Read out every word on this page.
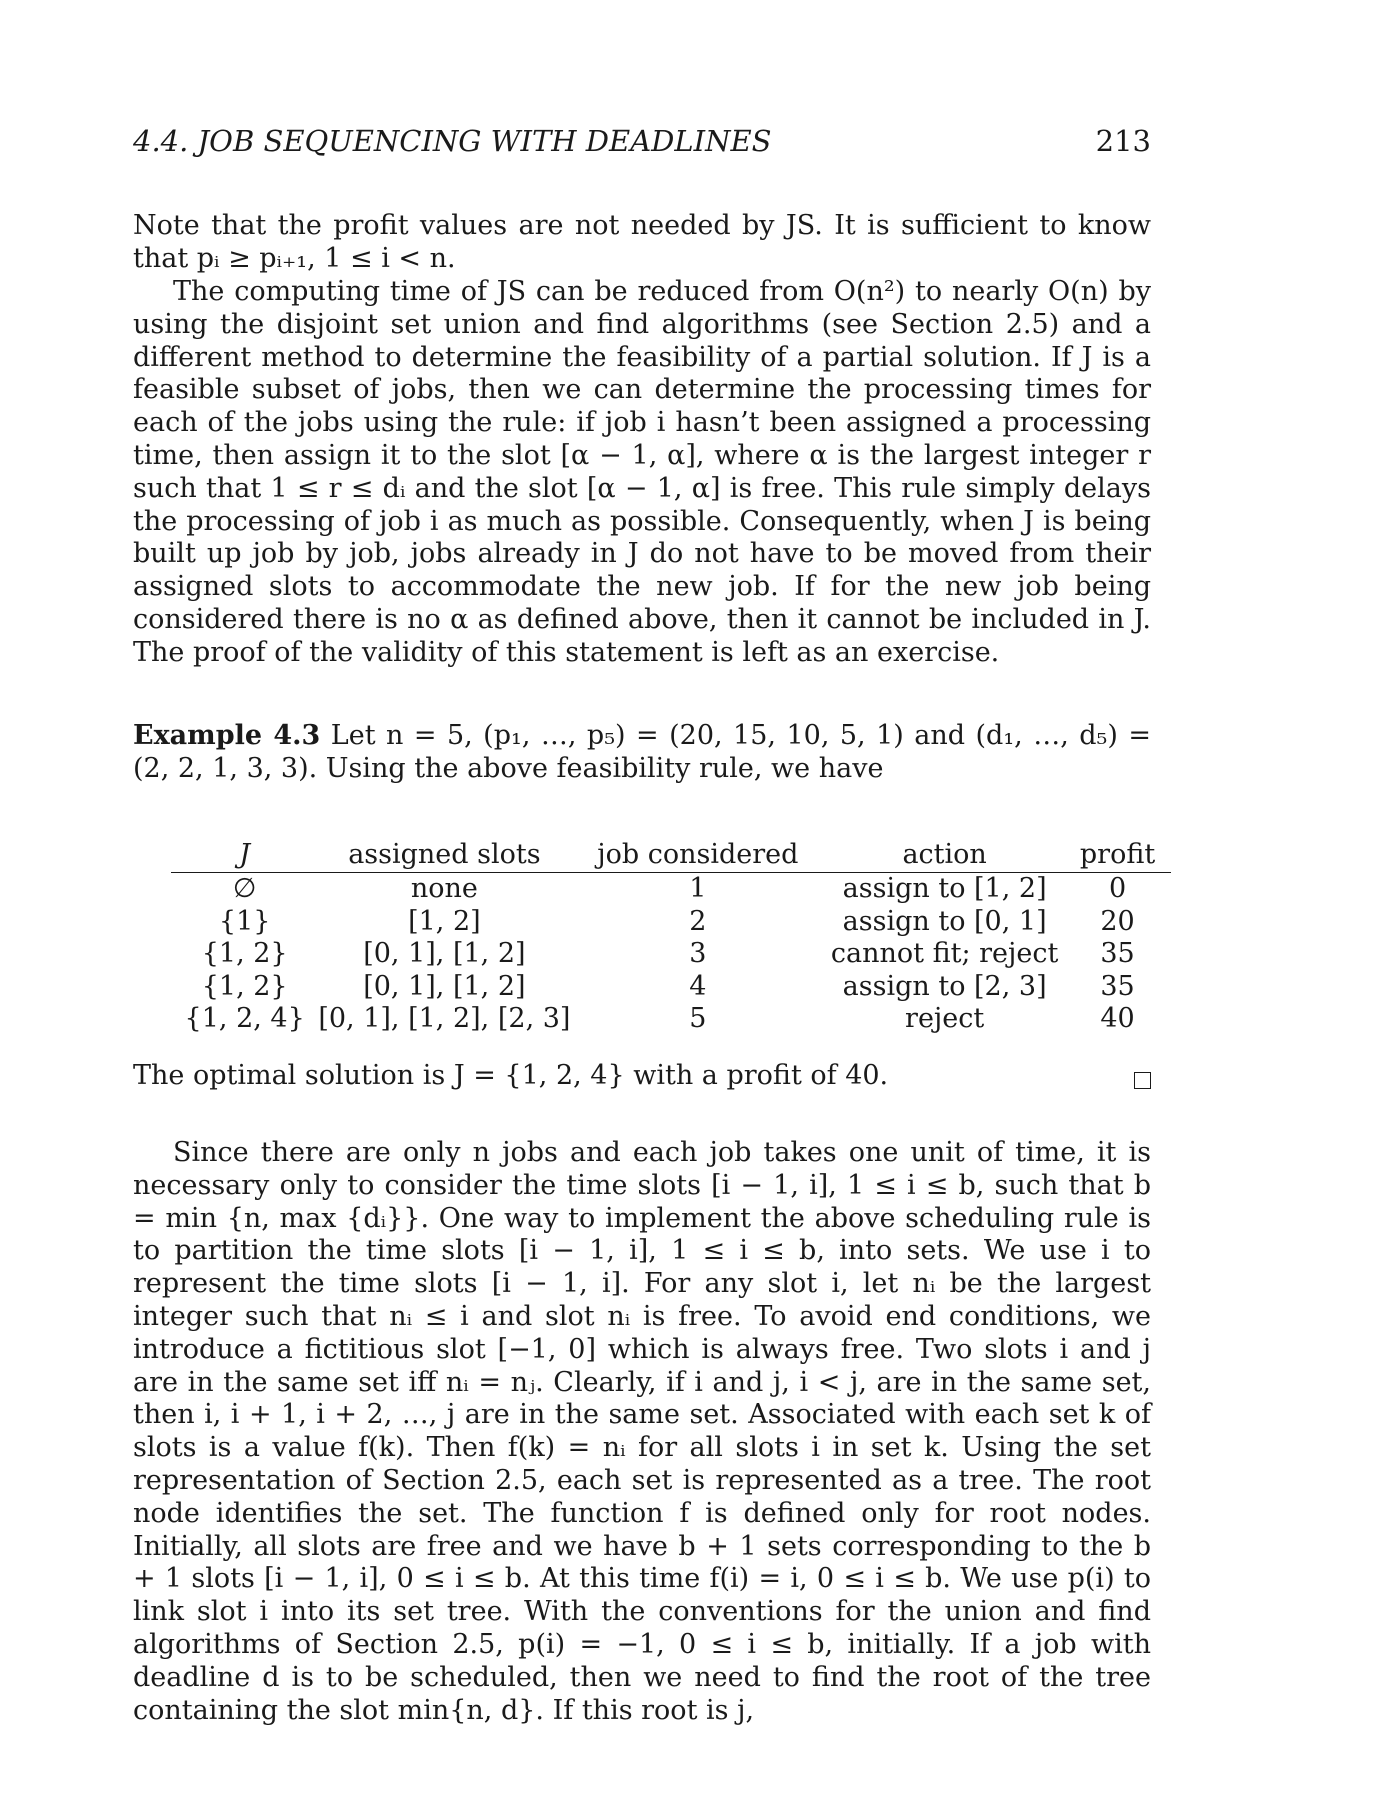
4.4. JOB SEQUENCING WITH DEADLINES	213

Note that the profit values are not needed by JS. It is sufficient to know that pᵢ ≥ pᵢ₊₁, 1 ≤ i < n.

The computing time of JS can be reduced from O(n²) to nearly O(n) by using the disjoint set union and find algorithms (see Section 2.5) and a different method to determine the feasibility of a partial solution. If J is a feasible subset of jobs, then we can determine the processing times for each of the jobs using the rule: if job i hasn’t been assigned a processing time, then assign it to the slot [α − 1, α], where α is the largest integer r such that 1 ≤ r ≤ dᵢ and the slot [α − 1, α] is free. This rule simply delays the processing of job i as much as possible. Consequently, when J is being built up job by job, jobs already in J do not have to be moved from their assigned slots to accommodate the new job. If for the new job being considered there is no α as defined above, then it cannot be included in J. The proof of the validity of this statement is left as an exercise.

Example 4.3 Let n = 5, (p₁, …, p₅) = (20, 15, 10, 5, 1) and (d₁, …, d₅) = (2, 2, 1, 3, 3). Using the above feasibility rule, we have

J	assigned slots	job considered	action	profit
∅	none	1	assign to [1, 2]	0
{1}	[1, 2]	2	assign to [0, 1]	20
{1, 2}	[0, 1], [1, 2]	3	cannot fit; reject	35
{1, 2}	[0, 1], [1, 2]	4	assign to [2, 3]	35
{1, 2, 4}	[0, 1], [1, 2], [2, 3]	5	reject	40

The optimal solution is J = {1, 2, 4} with a profit of 40.

Since there are only n jobs and each job takes one unit of time, it is necessary only to consider the time slots [i − 1, i], 1 ≤ i ≤ b, such that b = min {n, max {dᵢ}}. One way to implement the above scheduling rule is to partition the time slots [i − 1, i], 1 ≤ i ≤ b, into sets. We use i to represent the time slots [i − 1, i]. For any slot i, let nᵢ be the largest integer such that nᵢ ≤ i and slot nᵢ is free. To avoid end conditions, we introduce a fictitious slot [−1, 0] which is always free. Two slots i and j are in the same set iff nᵢ = nⱼ. Clearly, if i and j, i < j, are in the same set, then i, i + 1, i + 2, …, j are in the same set. Associated with each set k of slots is a value f(k). Then f(k) = nᵢ for all slots i in set k. Using the set representation of Section 2.5, each set is represented as a tree. The root node identifies the set. The function f is defined only for root nodes. Initially, all slots are free and we have b + 1 sets corresponding to the b + 1 slots [i − 1, i], 0 ≤ i ≤ b. At this time f(i) = i, 0 ≤ i ≤ b. We use p(i) to link slot i into its set tree. With the conventions for the union and find algorithms of Section 2.5, p(i) = −1, 0 ≤ i ≤ b, initially. If a job with deadline d is to be scheduled, then we need to find the root of the tree containing the slot min{n, d}. If this root is j,
